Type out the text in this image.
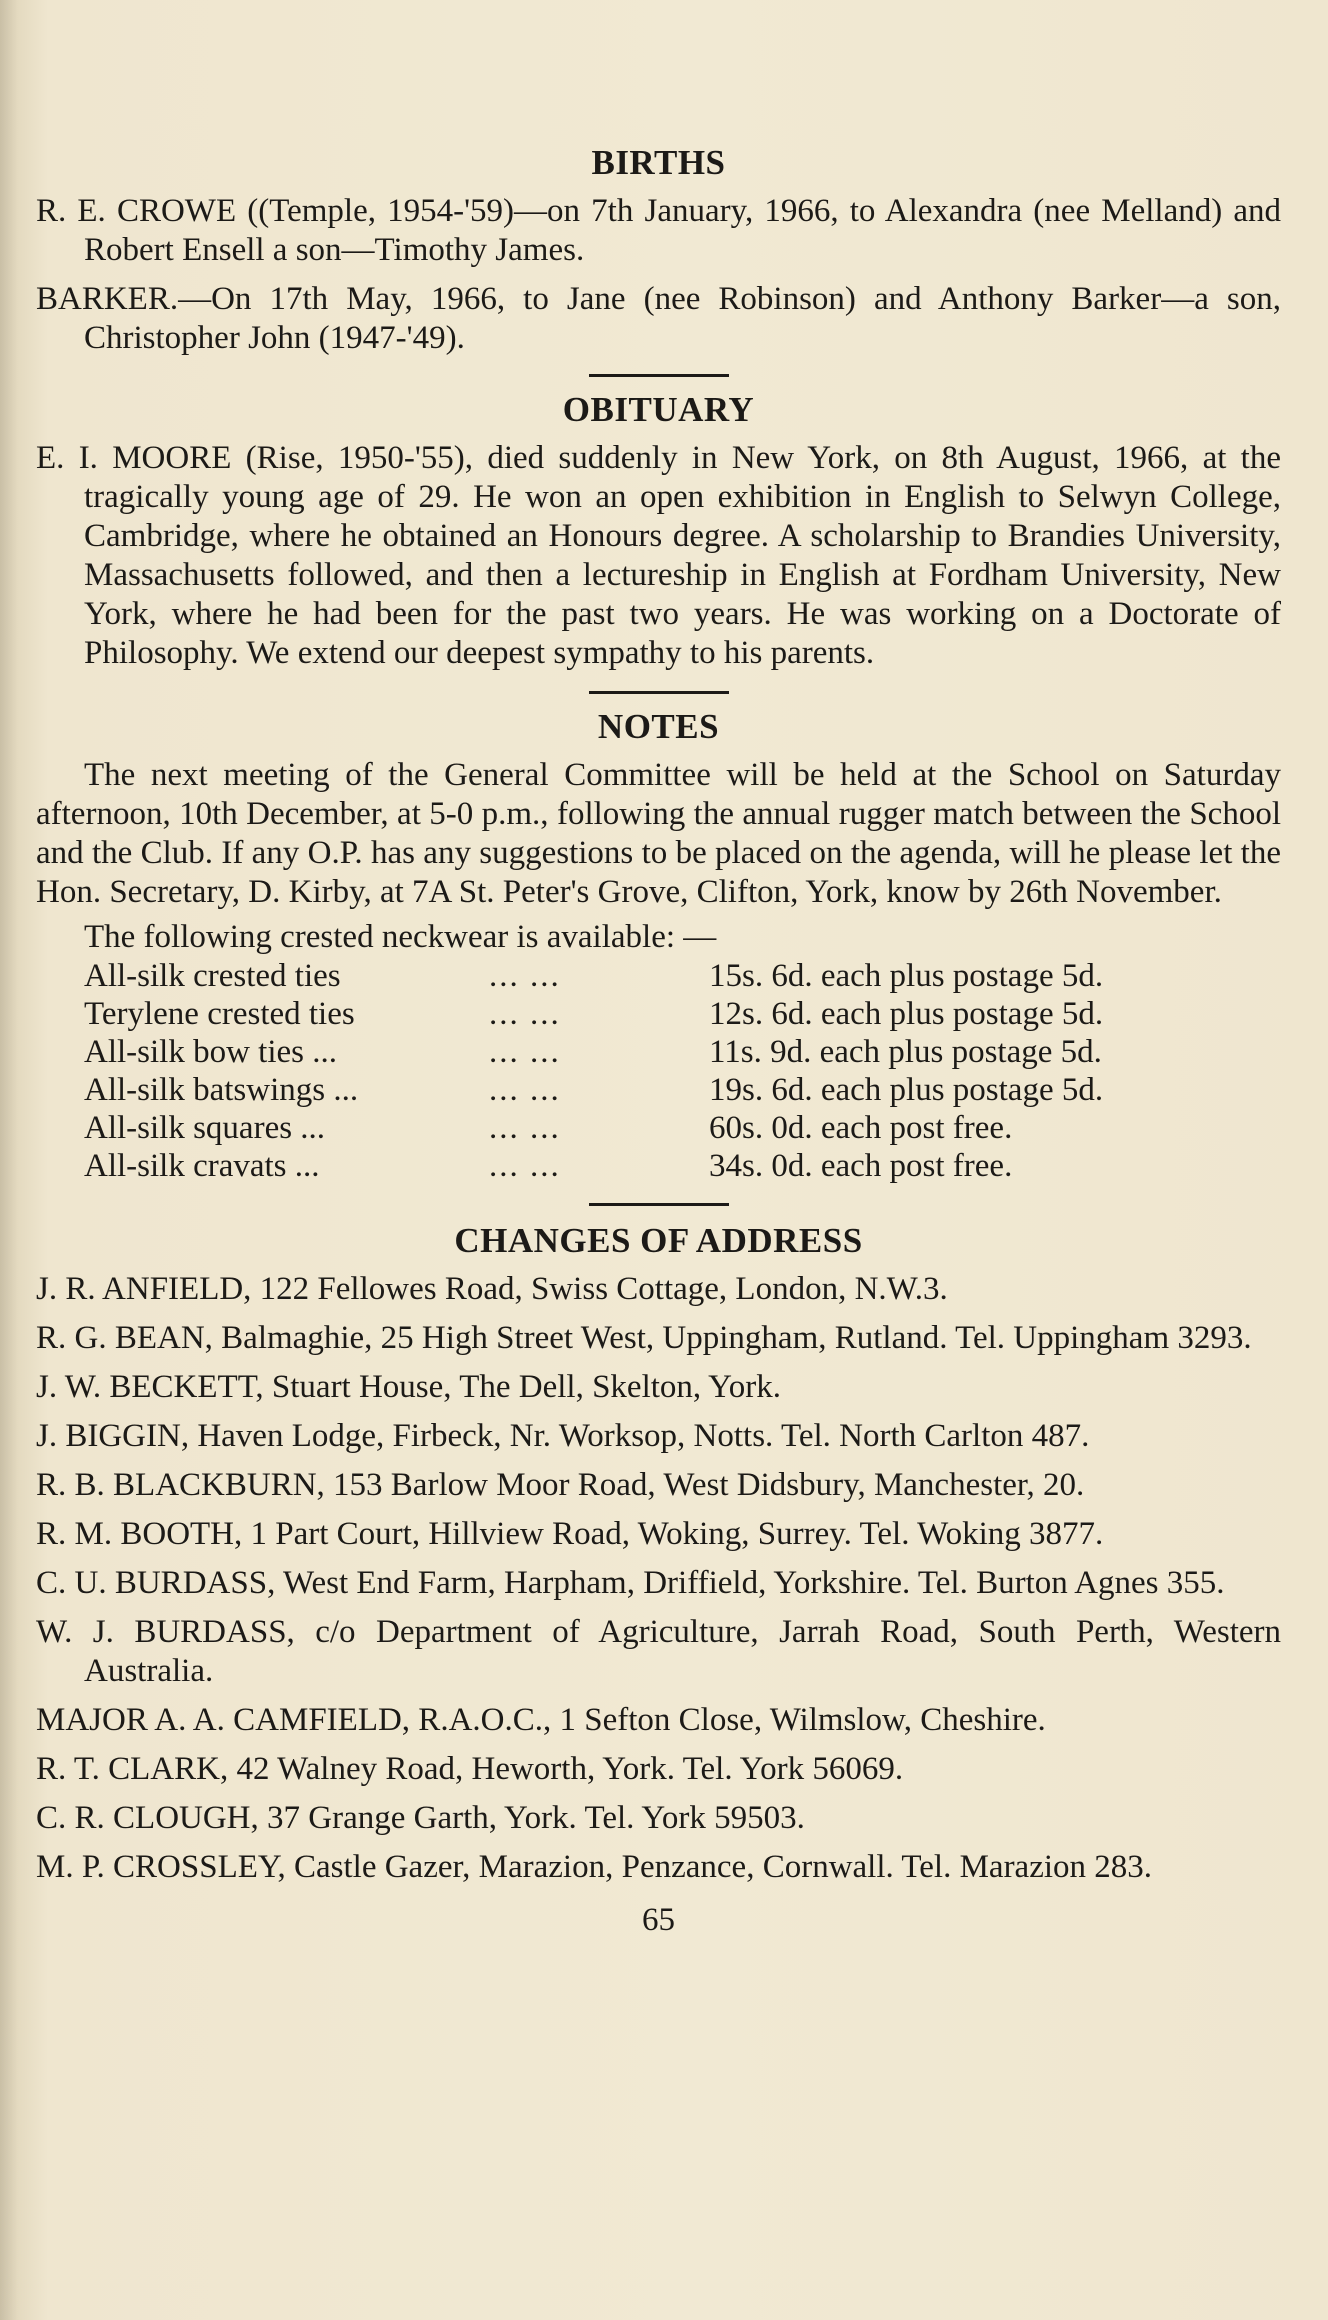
BIRTHS

R. E. CROWE ((Temple, 1954-'59)—on 7th January, 1966, to Alexandra (nee Melland) and Robert Ensell a son—Timothy James.

BARKER.—On 17th May, 1966, to Jane (nee Robinson) and Anthony Barker—a son, Christopher John (1947-'49).

OBITUARY

E. I. MOORE (Rise, 1950-'55), died suddenly in New York, on 8th August, 1966, at the tragically young age of 29. He won an open exhibition in English to Selwyn College, Cambridge, where he obtained an Honours degree. A scholarship to Brandies University, Massachusetts followed, and then a lectureship in English at Fordham University, New York, where he had been for the past two years. He was working on a Doctorate of Philosophy. We extend our deepest sympathy to his parents.

NOTES

The next meeting of the General Committee will be held at the School on Saturday afternoon, 10th December, at 5-0 p.m., following the annual rugger match between the School and the Club. If any O.P. has any suggestions to be placed on the agenda, will he please let the Hon. Secretary, D. Kirby, at 7A St. Peter's Grove, Clifton, York, know by 26th November.

The following crested neckwear is available: —

All-silk crested ties	... ...	15s. 6d. each plus postage 5d.
Terylene crested ties	... ...	12s. 6d. each plus postage 5d.
All-silk bow ties ...	... ...	11s. 9d. each plus postage 5d.
All-silk batswings ...	... ...	19s. 6d. each plus postage 5d.
All-silk squares ...	... ...	60s. 0d. each post free.
All-silk cravats ...	... ...	34s. 0d. each post free.
CHANGES OF ADDRESS

J. R. ANFIELD, 122 Fellowes Road, Swiss Cottage, London, N.W.3.

R. G. BEAN, Balmaghie, 25 High Street West, Uppingham, Rutland. Tel. Uppingham 3293.

J. W. BECKETT, Stuart House, The Dell, Skelton, York.

J. BIGGIN, Haven Lodge, Firbeck, Nr. Worksop, Notts. Tel. North Carlton 487.

R. B. BLACKBURN, 153 Barlow Moor Road, West Didsbury, Manchester, 20.

R. M. BOOTH, 1 Part Court, Hillview Road, Woking, Surrey. Tel. Woking 3877.

C. U. BURDASS, West End Farm, Harpham, Driffield, Yorkshire. Tel. Burton Agnes 355.

W. J. BURDASS, c/o Department of Agriculture, Jarrah Road, South Perth, Western Australia.

MAJOR A. A. CAMFIELD, R.A.O.C., 1 Sefton Close, Wilmslow, Cheshire.

R. T. CLARK, 42 Walney Road, Heworth, York. Tel. York 56069.

C. R. CLOUGH, 37 Grange Garth, York. Tel. York 59503.

M. P. CROSSLEY, Castle Gazer, Marazion, Penzance, Cornwall. Tel. Marazion 283.

65
